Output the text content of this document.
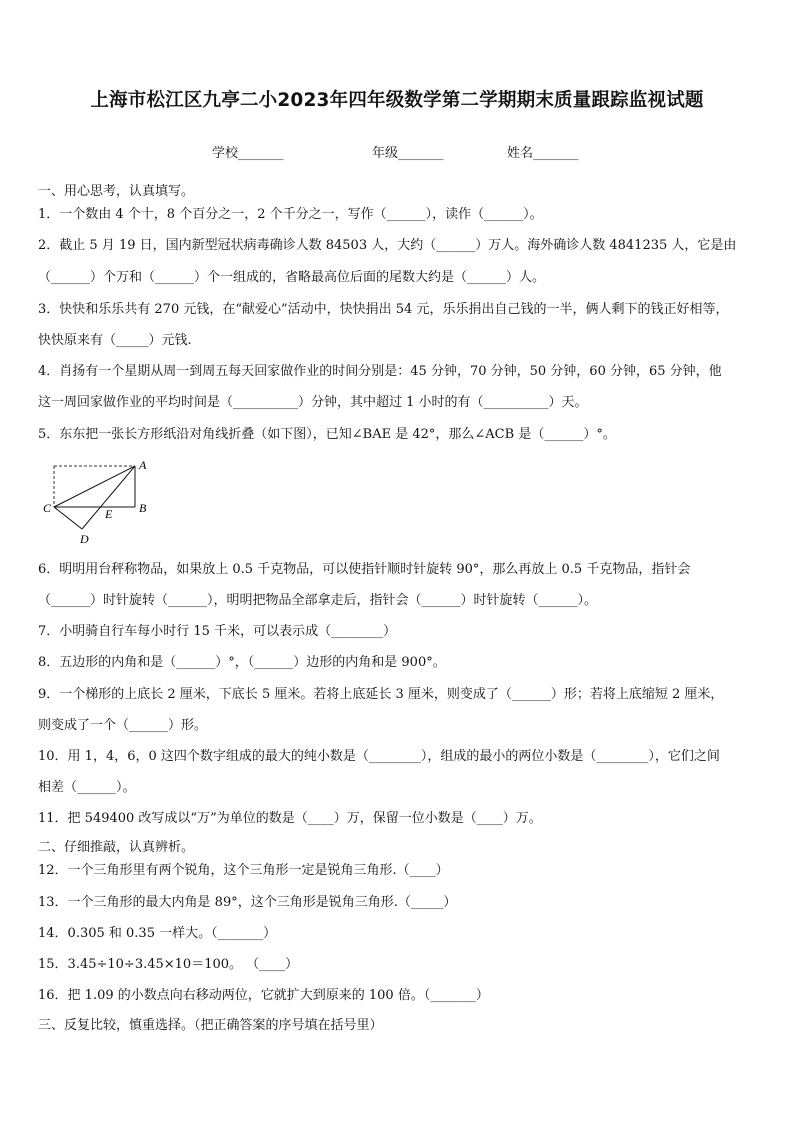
上海市松江区九亭二小2023年四年级数学第二学期期末质量跟踪监视试题
学校_______	年级_______	姓名_______
一、用心思考，认真填写。
1．一个数由 4 个十，8 个百分之一，2 个千分之一，写作（______），读作（______）。
2．截止 5 月 19 日，国内新型冠状病毒确诊人数 84503 人，大约（______）万人。海外确诊人数 4841235 人，它是由
（______）个万和（______）个一组成的，省略最高位后面的尾数大约是（______）人。
3．快快和乐乐共有 270 元钱，在“献爱心”活动中，快快捐出 54 元，乐乐捐出自己钱的一半，俩人剩下的钱正好相等，
快快原来有（_____）元钱.
4．肖扬有一个星期从周一到周五每天回家做作业的时间分别是：45 分钟，70 分钟，50 分钟，60 分钟，65 分钟，他
这一周回家做作业的平均时间是（__________）分钟，其中超过 1 小时的有（__________）天。
5．东东把一张长方形纸沿对角线折叠（如下图），已知∠BAE 是 42°，那么∠ACB 是（______）°。
A
B
C
D
E
6．明明用台秤称物品，如果放上 0.5 千克物品，可以使指针顺时针旋转 90°，那么再放上 0.5 千克物品，指针会
（______）时针旋转（______），明明把物品全部拿走后，指针会（______）时针旋转（______）。
7．小明骑自行车每小时行 15 千米，可以表示成（________）
8．五边形的内角和是（______）°，（______）边形的内角和是 900°。
9．一个梯形的上底长 2 厘米，下底长 5 厘米。若将上底延长 3 厘米，则变成了（______）形；若将上底缩短 2 厘米，
则变成了一个（______）形。
10．用 1，4，6，0 这四个数字组成的最大的纯小数是（________），组成的最小的两位小数是（________），它们之间
相差（______）。
11．把 549400 改写成以“万”为单位的数是（____）万，保留一位小数是（____）万。
二、仔细推敲，认真辨析。
12．一个三角形里有两个锐角，这个三角形一定是锐角三角形.（____）
13．一个三角形的最大内角是 89°，这个三角形是锐角三角形.（_____）
14．0.305 和 0.35 一样大。（_______）
15．3.45÷10÷3.45×10＝100。 （____）
16．把 1.09 的小数点向右移动两位，它就扩大到原来的 100 倍。（_______）
三、反复比较，慎重选择。（把正确答案的序号填在括号里）
